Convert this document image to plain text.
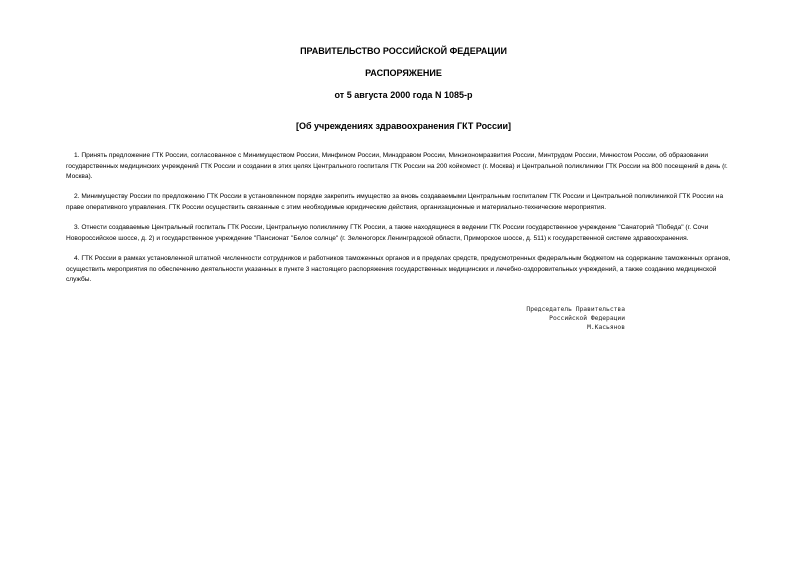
ПРАВИТЕЛЬСТВО РОССИЙСКОЙ ФЕДЕРАЦИИ
РАСПОРЯЖЕНИЕ
от 5 августа 2000 года N 1085-р
[Об учреждениях здравоохранения ГКТ России]
1. Принять предложение ГТК России, согласованное с Минимуществом России, Минфином России, Минздравом России, Минэкономразвития России, Минтрудом России, Минюстом России, об образовании
государственных медицинских учреждений ГТК России и создании в этих целях Центрального госпиталя ГТК России на 200 койкомест (г. Москва) и Центральной поликлиники ГТК России на 800 посещений в день (г.
Москва).
2. Минимуществу России по предложению ГТК России в установленном порядке закрепить имущество за вновь создаваемыми Центральным госпиталем ГТК России и Центральной поликлиникой ГТК России на
праве оперативного управления. ГТК России осуществить связанные с этим необходимые юридические действия, организационные и материально-технические мероприятия.
3. Отнести создаваемые Центральный госпиталь ГТК России, Центральную поликлинику ГТК России, а также находящиеся в ведении ГТК России государственное учреждение "Санаторий "Победа" (г. Сочи
Новороссийское шоссе, д. 2) и государственное учреждение "Пансионат "Белое солнце" (г. Зеленогорск Ленинградской области, Приморское шоссе, д. 511) к государственной системе здравоохранения.
4. ГТК России в рамках установленной штатной численности сотрудников и работников таможенных органов и в пределах средств, предусмотренных федеральным бюджетом на содержание таможенных органов,
осуществить мероприятия по обеспечению деятельности указанных в пункте 3 настоящего распоряжения государственных медицинских и лечебно-оздоровительных учреждений, а также созданию медицинской
службы.
Председатель Правительства
Российской Федерации
М.Касьянов
